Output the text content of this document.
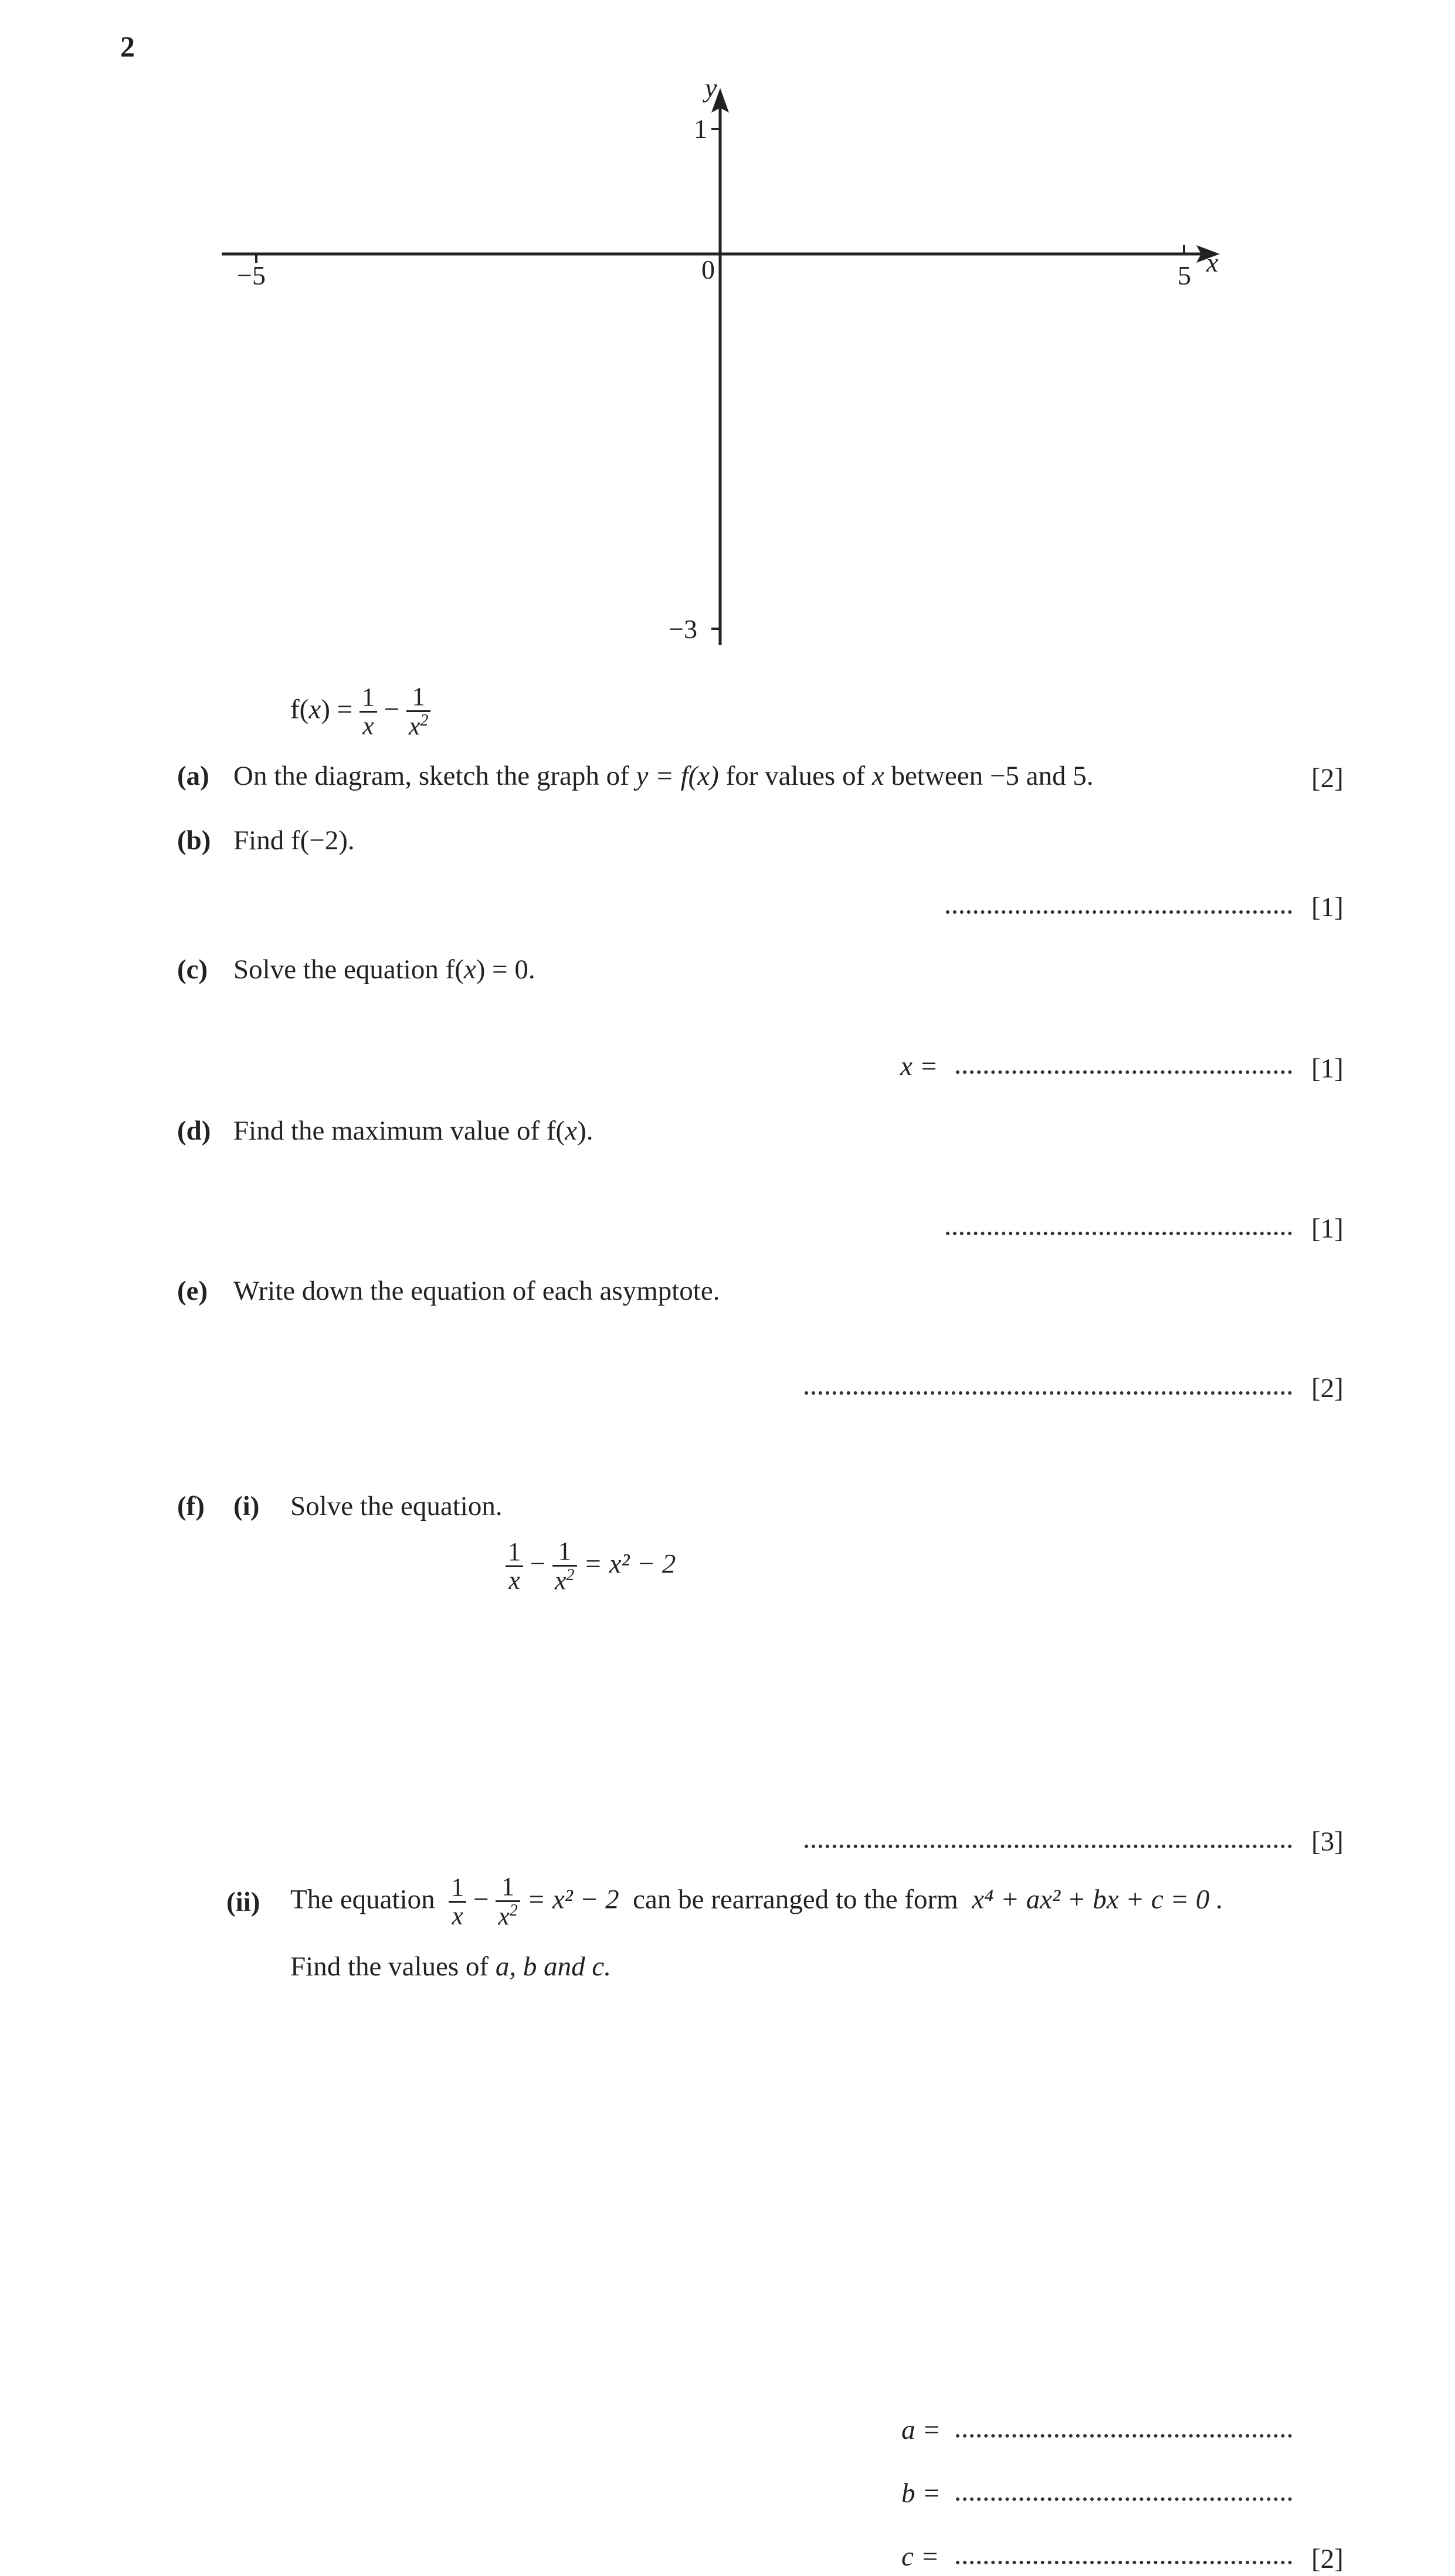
2
y
x
1
−3
−5	5
0
$f(x) = \frac{1}{x} - \frac{1}{x^2}$
(a) On the diagram, sketch the graph of y = f(x) for values of x between −5 and 5.	[2]
(b) Find f(−2).
[1]
(c) Solve the equation f(x) = 0.
x =	[1]
(d) Find the maximum value of f(x).
[1]
(e) Write down the equation of each asymptote.
[2]
(f) (i) Solve the equation.
$\frac{1}{x} - \frac{1}{x^2} = x^2 - 2$
[3]
(ii) The equation $\frac{1}{x} - \frac{1}{x^2} = x^2 - 2$ can be rearranged to the form x⁴ + ax² + bx + c = 0 .
Find the values of a, b and c.
a =
b =
c =	[2]
